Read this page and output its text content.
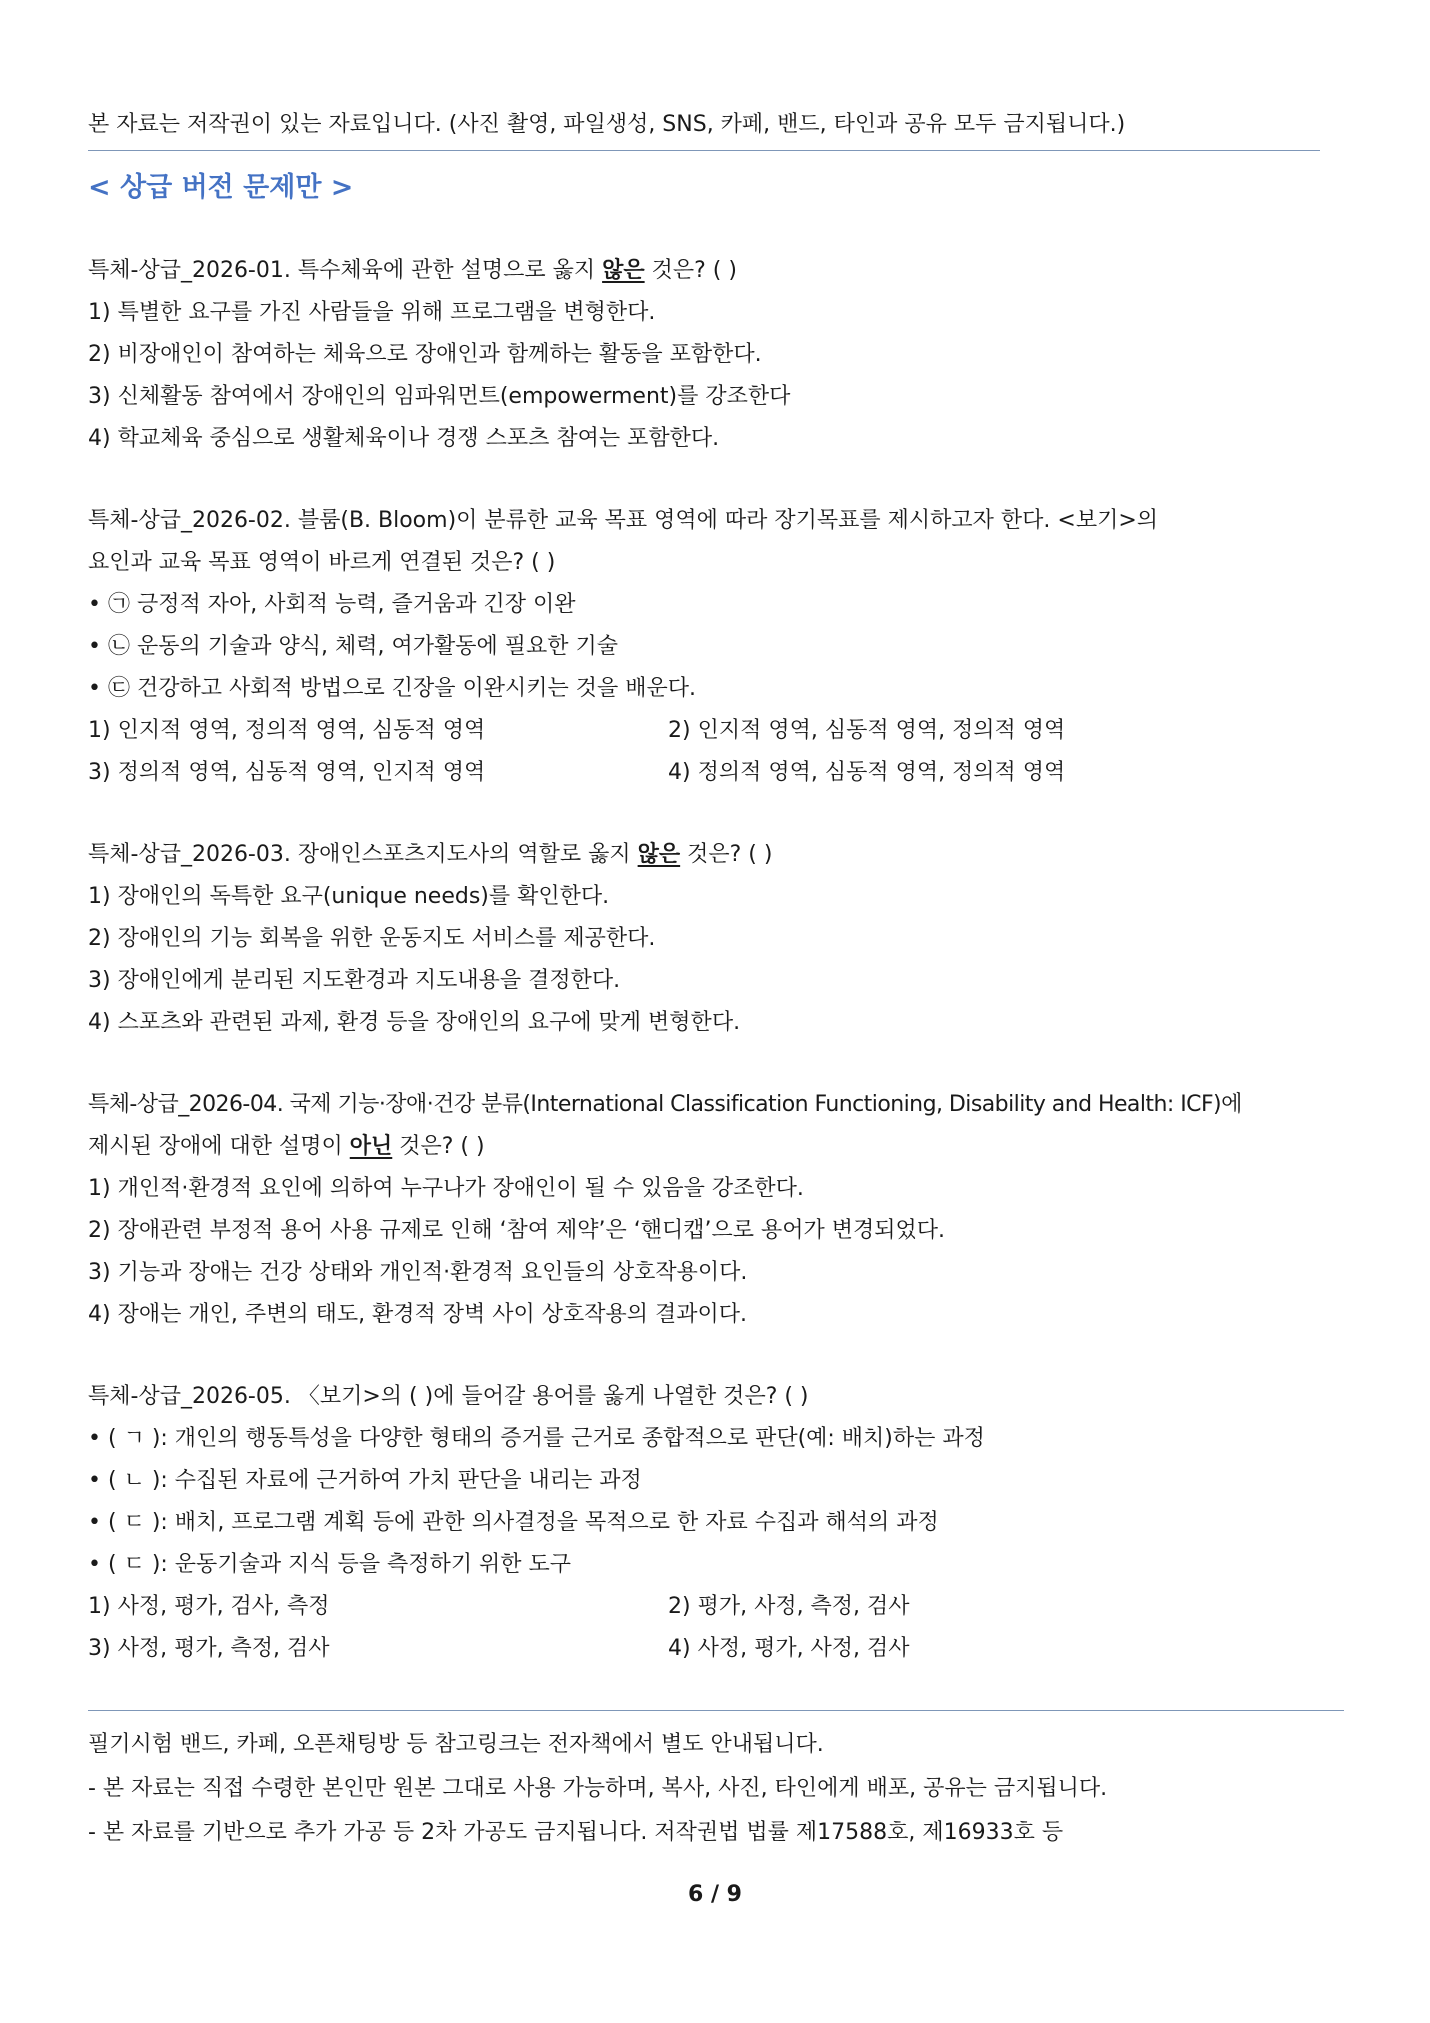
본 자료는 저작권이 있는 자료입니다. (사진 촬영, 파일생성, SNS, 카페, 밴드, 타인과 공유 모두 금지됩니다.)
< 상급 버전 문제만 >
특체-상급_2026-01. 특수체육에 관한 설명으로 옳지 않은 것은? ( )
1) 특별한 요구를 가진 사람들을 위해 프로그램을 변형한다.
2) 비장애인이 참여하는 체육으로 장애인과 함께하는 활동을 포함한다.
3) 신체활동 참여에서 장애인의 임파워먼트(empowerment)를 강조한다
4) 학교체육 중심으로 생활체육이나 경쟁 스포츠 참여는 포함한다.
특체-상급_2026-02. 블룸(B. Bloom)이 분류한 교육 목표 영역에 따라 장기목표를 제시하고자 한다. <보기>의
요인과 교육 목표 영역이 바르게 연결된 것은? ( )
• ㉠ 긍정적 자아, 사회적 능력, 즐거움과 긴장 이완
• ㉡ 운동의 기술과 양식, 체력, 여가활동에 필요한 기술
• ㉢ 건강하고 사회적 방법으로 긴장을 이완시키는 것을 배운다.
1) 인지적 영역, 정의적 영역, 심동적 영역	2) 인지적 영역, 심동적 영역, 정의적 영역
3) 정의적 영역, 심동적 영역, 인지적 영역	4) 정의적 영역, 심동적 영역, 정의적 영역
특체-상급_2026-03. 장애인스포츠지도사의 역할로 옳지 않은 것은? ( )
1) 장애인의 독특한 요구(unique needs)를 확인한다.
2) 장애인의 기능 회복을 위한 운동지도 서비스를 제공한다.
3) 장애인에게 분리된 지도환경과 지도내용을 결정한다.
4) 스포츠와 관련된 과제, 환경 등을 장애인의 요구에 맞게 변형한다.
특체-상급_2026-04. 국제 기능·장애·건강 분류(International Classification Functioning, Disability and Health: ICF)에
제시된 장애에 대한 설명이 아닌 것은? ( )
1) 개인적·환경적 요인에 의하여 누구나가 장애인이 될 수 있음을 강조한다.
2) 장애관련 부정적 용어 사용 규제로 인해 ‘참여 제약’은 ‘핸디캡’으로 용어가 변경되었다.
3) 기능과 장애는 건강 상태와 개인적·환경적 요인들의 상호작용이다.
4) 장애는 개인, 주변의 태도, 환경적 장벽 사이 상호작용의 결과이다.
특체-상급_2026-05. 〈보기>의 ( )에 들어갈 용어를 옳게 나열한 것은? ( )
• ( ㄱ ): 개인의 행동특성을 다양한 형태의 증거를 근거로 종합적으로 판단(예: 배치)하는 과정
• ( ㄴ ): 수집된 자료에 근거하여 가치 판단을 내리는 과정
• ( ㄷ ): 배치, 프로그램 계획 등에 관한 의사결정을 목적으로 한 자료 수집과 해석의 과정
• ( ㄷ ): 운동기술과 지식 등을 측정하기 위한 도구
1) 사정, 평가, 검사, 측정	2) 평가, 사정, 측정, 검사
3) 사정, 평가, 측정, 검사	4) 사정, 평가, 사정, 검사
필기시험 밴드, 카페, 오픈채팅방 등 참고링크는 전자책에서 별도 안내됩니다.
- 본 자료는 직접 수령한 본인만 원본 그대로 사용 가능하며, 복사, 사진, 타인에게 배포, 공유는 금지됩니다.
- 본 자료를 기반으로 추가 가공 등 2차 가공도 금지됩니다. 저작권법 법률 제17588호, 제16933호 등
6 / 9
